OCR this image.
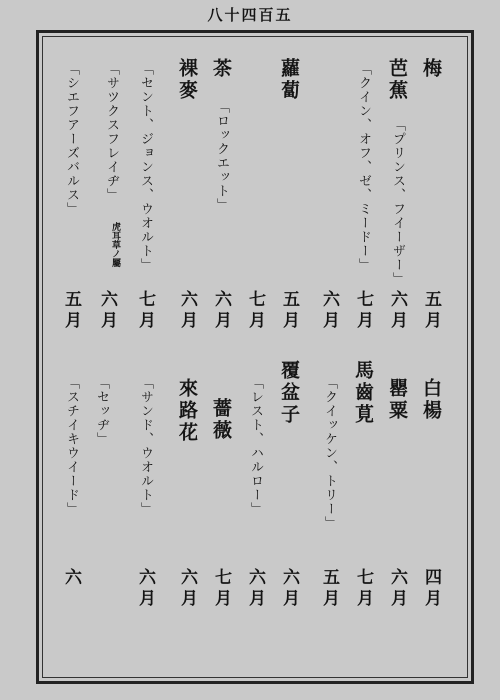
八十四百五
梅
五月
白楊
四月
芭蕉
「プリンス、フイーザー」
六月
罌粟
六月
「クイン、オフ、ゼ、ミードー」
七月
馬齒莧
「クイッケン、トリー」
七月
蘿蔔
六月
覆盆子
五月
五月
「レスト、ハルロー」
六月
茶
「ロックエット」
七月
薔薇
六月
六月
來路花
七月
裸麥
六月
「セッヂ」
六月
「セント、ジョンス、ウオルト」
七月
「サンド、ウオルト」
六月
「サツクスフレイヂ」
虎耳草ノ屬
六月
「シエフアーズバルス」
五月
「スチイキウイード」
六
